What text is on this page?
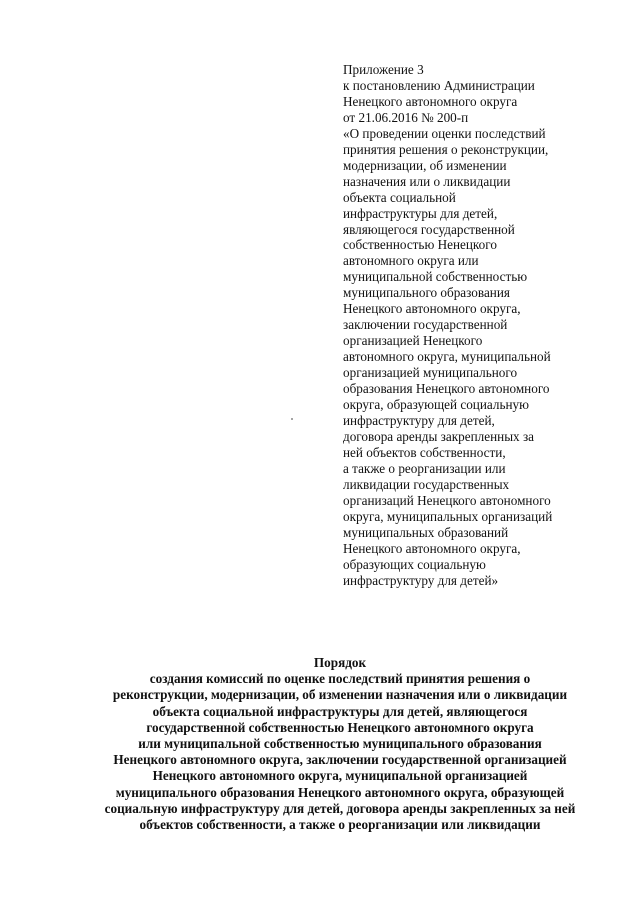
Приложение 3
к постановлению Администрации
Ненецкого автономного округа
от 21.06.2016 № 200-п
«О проведении оценки последствий
принятия решения о реконструкции,
модернизации, об изменении
назначения или о ликвидации
объекта социальной
инфраструктуры для детей,
являющегося государственной
собственностью Ненецкого
автономного округа или
муниципальной собственностью
муниципального образования
Ненецкого автономного округа,
заключении государственной
организацией Ненецкого
автономного округа, муниципальной
организацией муниципального
образования Ненецкого автономного
округа, образующей социальную
инфраструктуру для детей,
договора аренды закрепленных за
ней объектов собственности,
а также о реорганизации или
ликвидации государственных
организаций Ненецкого автономного
округа, муниципальных организаций
муниципальных образований
Ненецкого автономного округа,
образующих социальную
инфраструктуру для детей»
Порядок
создания комиссий по оценке последствий принятия решения о
реконструкции, модернизации, об изменении назначения или о ликвидации
объекта социальной инфраструктуры для детей, являющегося
государственной собственностью Ненецкого автономного округа
или муниципальной собственностью муниципального образования
Ненецкого автономного округа, заключении государственной организацией
Ненецкого автономного округа, муниципальной организацией
муниципального образования Ненецкого автономного округа, образующей
социальную инфраструктуру для детей, договора аренды закрепленных за ней
объектов собственности, а также о реорганизации или ликвидации
